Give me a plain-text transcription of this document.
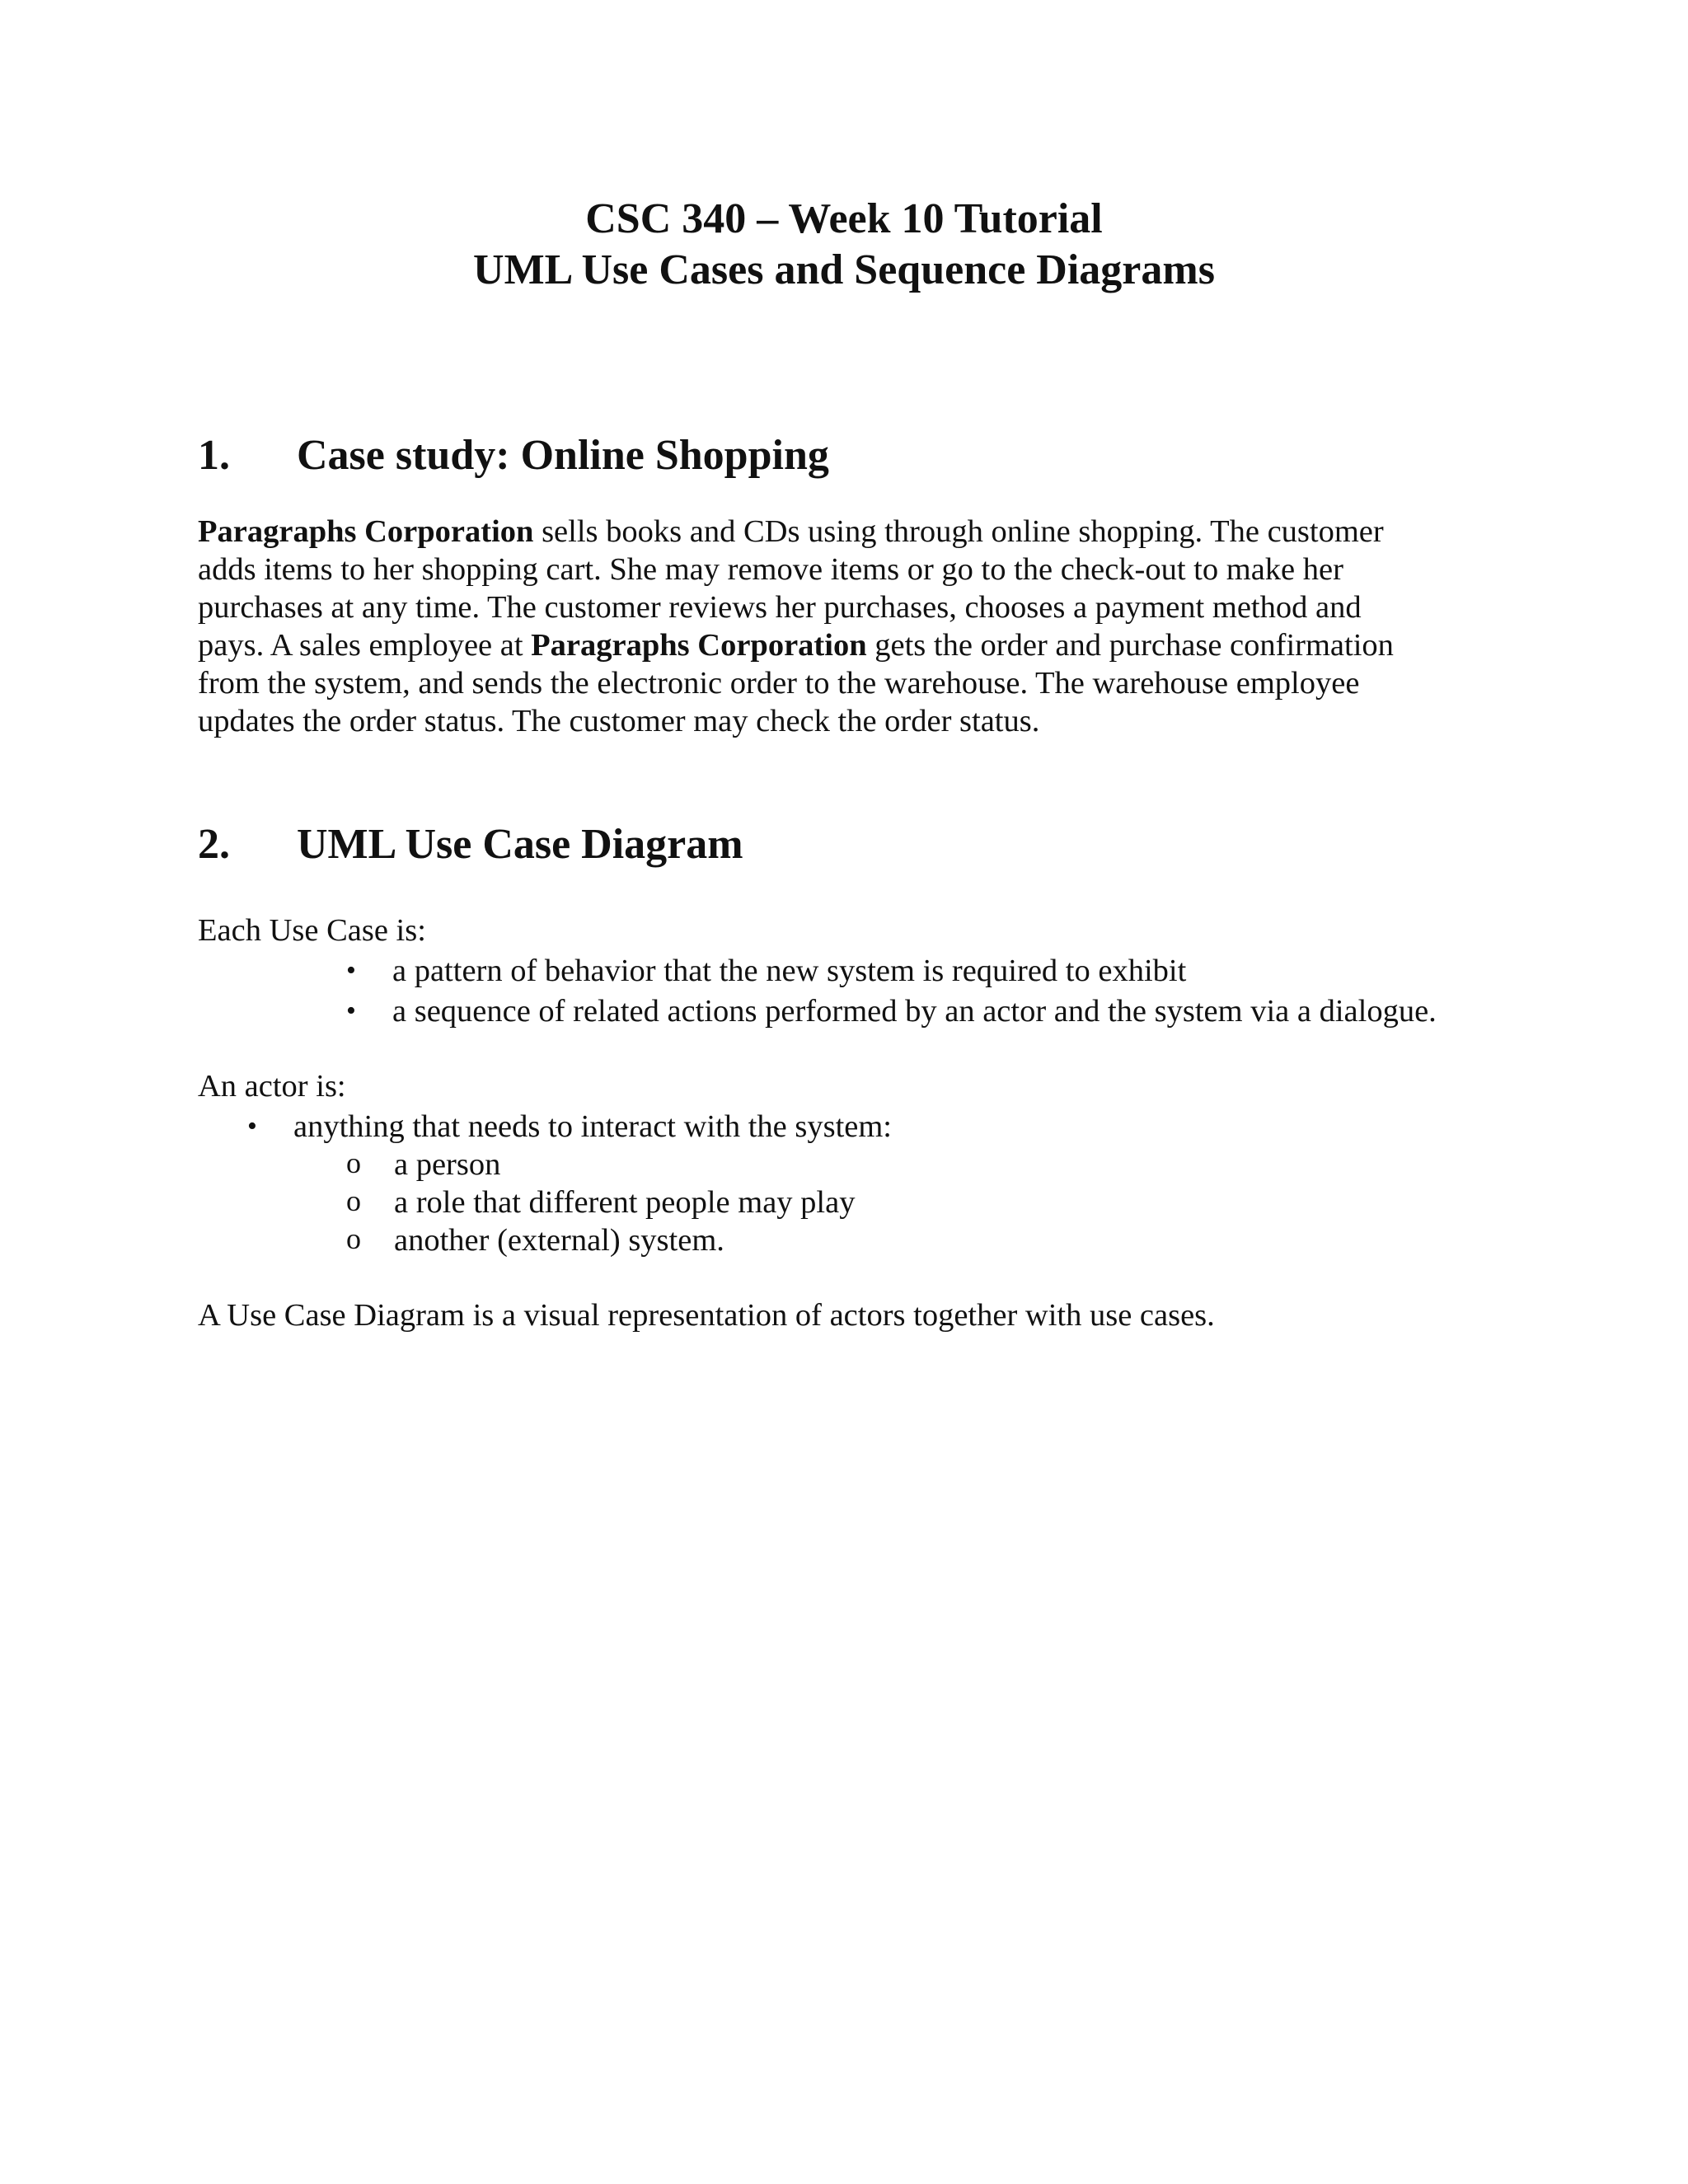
CSC 340 – Week 10 Tutorial
UML Use Cases and Sequence Diagrams
1. Case study: Online Shopping
Paragraphs Corporation sells books and CDs using through online shopping. The customer
adds items to her shopping cart. She may remove items or go to the check-out to make her
purchases at any time. The customer reviews her purchases, chooses a payment method and
pays. A sales employee at Paragraphs Corporation gets the order and purchase confirmation
from the system, and sends the electronic order to the warehouse. The warehouse employee
updates the order status. The customer may check the order status.
2. UML Use Case Diagram
Each Use Case is:
• a pattern of behavior that the new system is required to exhibit
• a sequence of related actions performed by an actor and the system via a dialogue.
An actor is:
• anything that needs to interact with the system:
o a person
o a role that different people may play
o another (external) system.
A Use Case Diagram is a visual representation of actors together with use cases.
